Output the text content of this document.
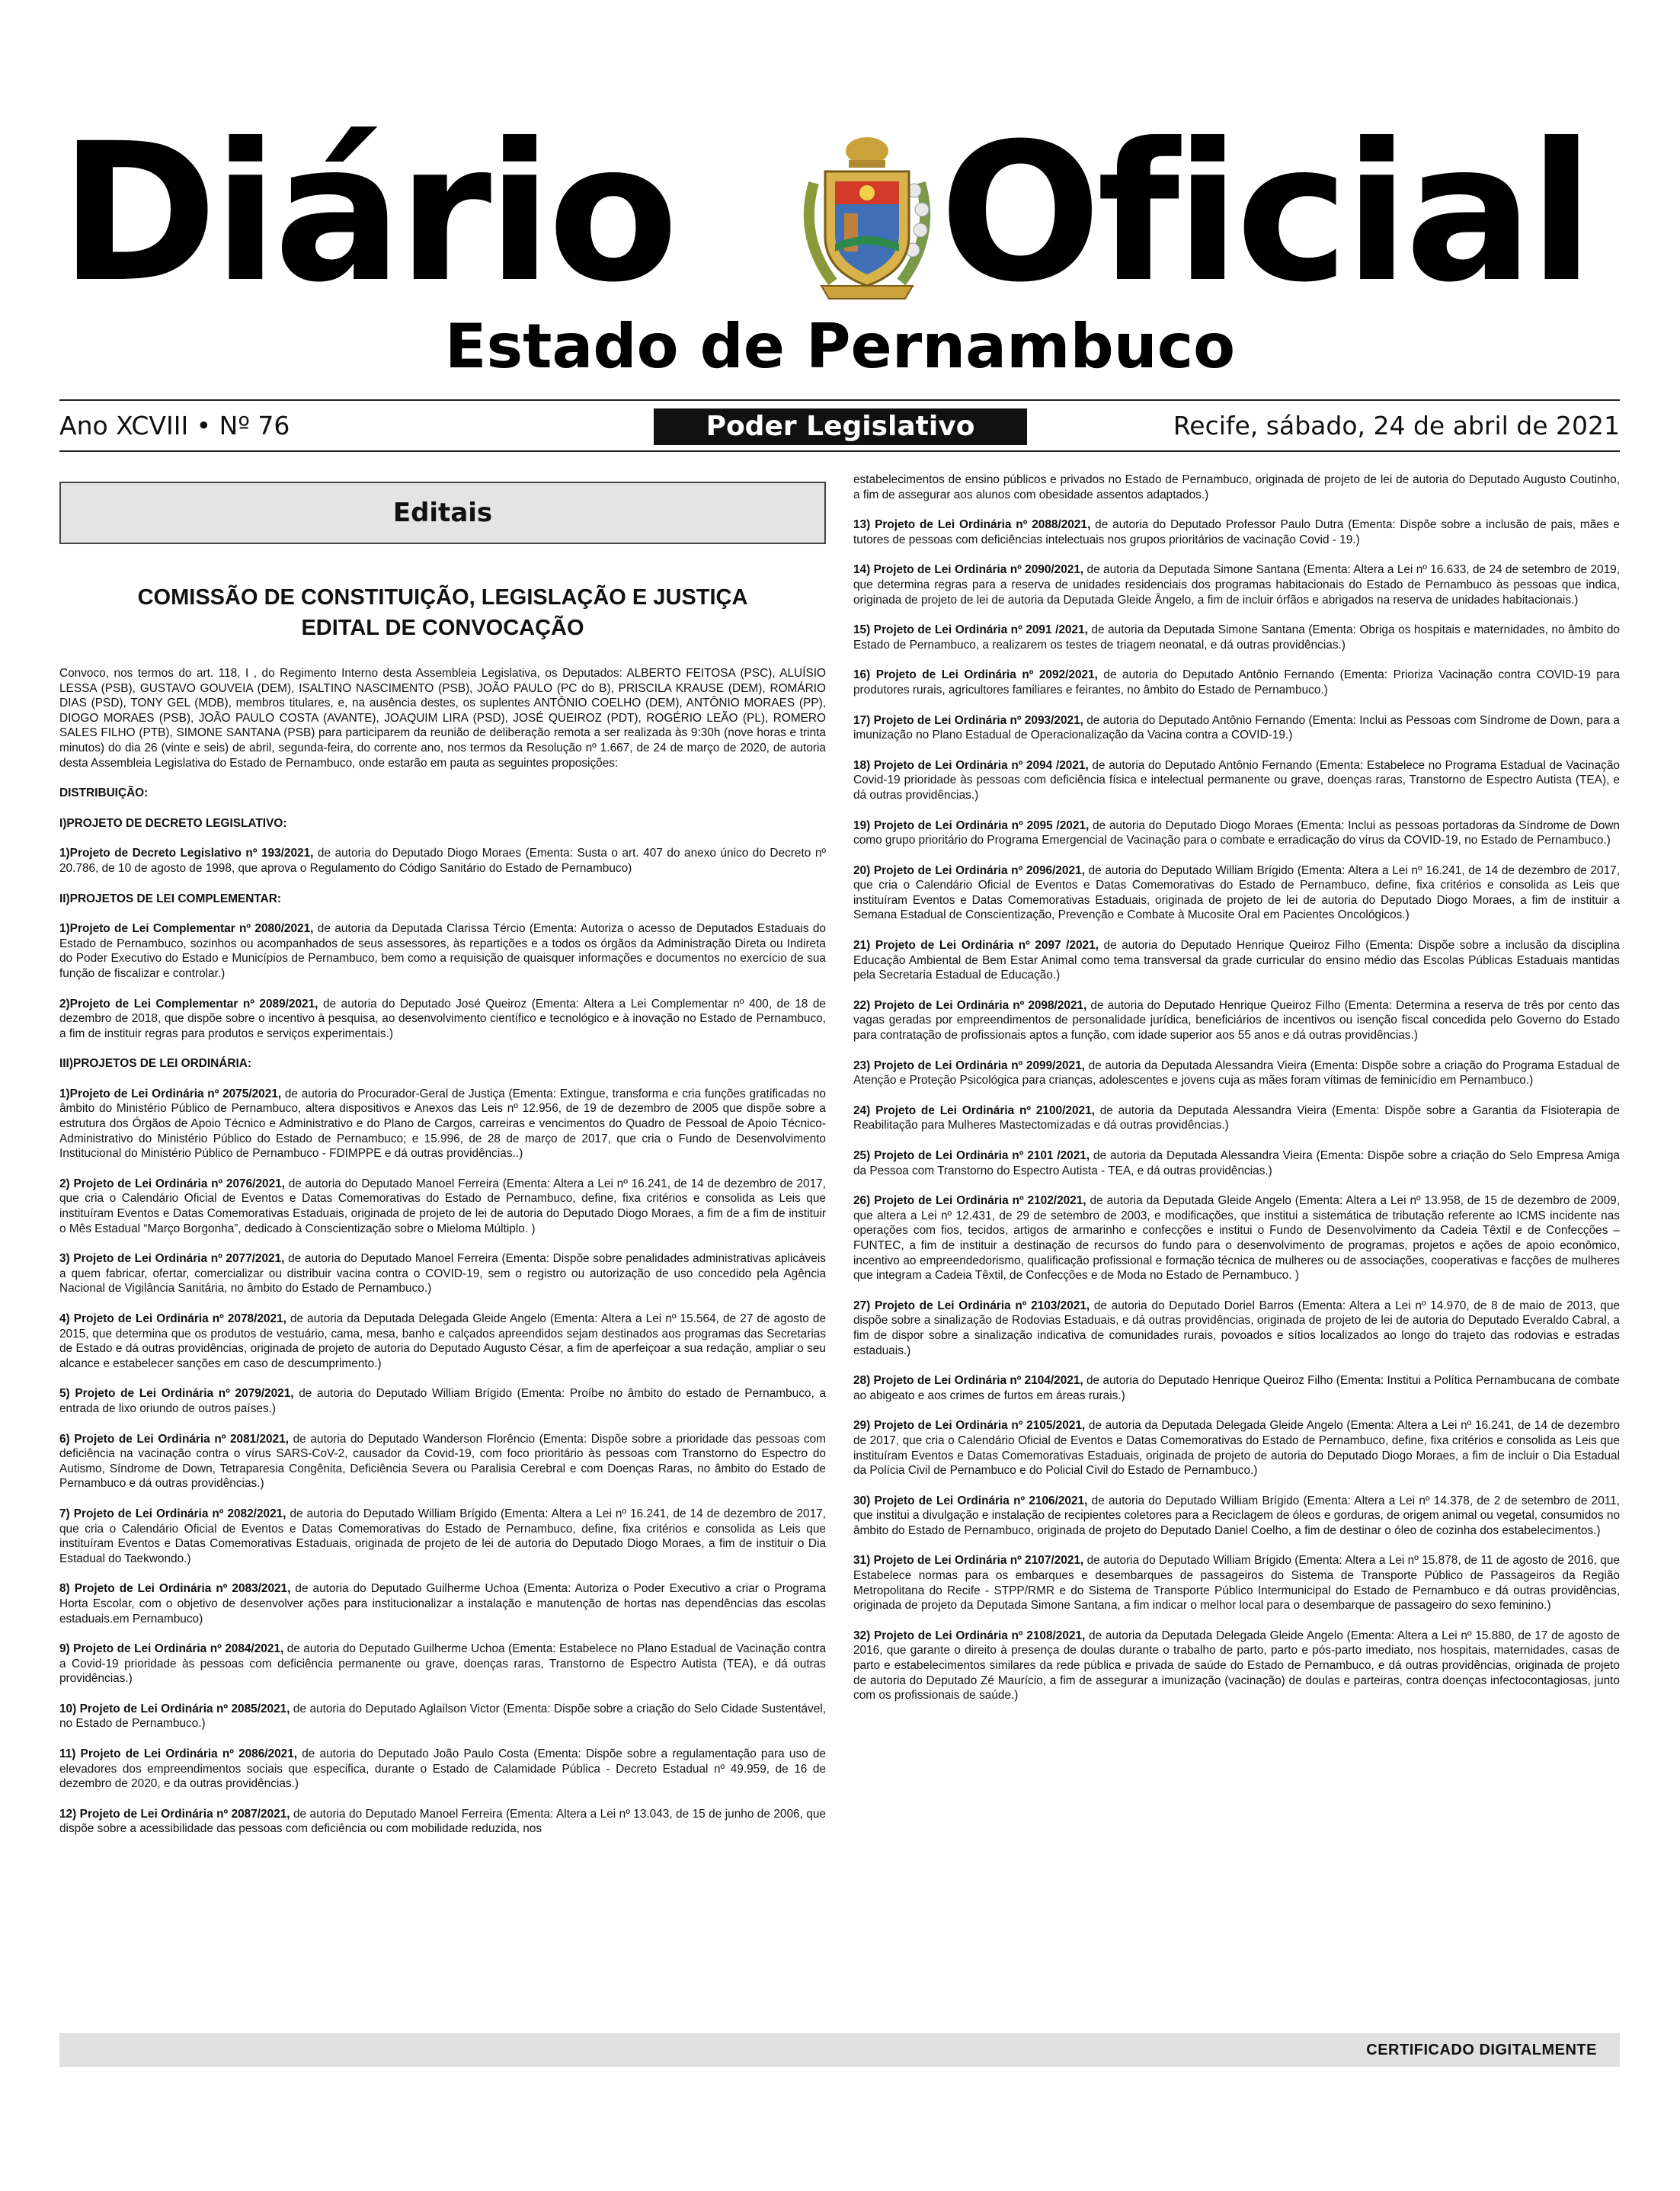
Diário Oficial
Estado de Pernambuco
Ano XCVIII • Nº 76	Poder Legislativo	Recife, sábado, 24 de abril de 2021
Editais
COMISSÃO DE CONSTITUIÇÃO, LEGISLAÇÃO E JUSTIÇA
EDITAL DE CONVOCAÇÃO

Convoco, nos termos do art. 118, I , do Regimento Interno desta Assembleia Legislativa, os Deputados: ALBERTO FEITOSA (PSC), ALUÍSIO LESSA (PSB), GUSTAVO GOUVEIA (DEM), ISALTINO NASCIMENTO (PSB), JOÃO PAULO (PC do B), PRISCILA KRAUSE (DEM), ROMÁRIO DIAS (PSD), TONY GEL (MDB), membros titulares, e, na ausência destes, os suplentes ANTÔNIO COELHO (DEM), ANTÔNIO MORAES (PP), DIOGO MORAES (PSB), JOÃO PAULO COSTA (AVANTE), JOAQUIM LIRA (PSD), JOSÉ QUEIROZ (PDT), ROGÉRIO LEÃO (PL), ROMERO SALES FILHO (PTB), SIMONE SANTANA (PSB) para participarem da reunião de deliberação remota a ser realizada às 9:30h (nove horas e trinta minutos) do dia 26 (vinte e seis) de abril, segunda-feira, do corrente ano, nos termos da Resolução nº 1.667, de 24 de março de 2020, de autoria desta Assembleia Legislativa do Estado de Pernambuco, onde estarão em pauta as seguintes proposições:

DISTRIBUIÇÃO:

I)PROJETO DE DECRETO LEGISLATIVO:

1)Projeto de Decreto Legislativo nº 193/2021, de autoria do Deputado Diogo Moraes (Ementa: Susta o art. 407 do anexo único do Decreto nº 20.786, de 10 de agosto de 1998, que aprova o Regulamento do Código Sanitário do Estado de Pernambuco)

II)PROJETOS DE LEI COMPLEMENTAR:

1)Projeto de Lei Complementar nº 2080/2021, de autoria da Deputada Clarissa Tércio (Ementa: Autoriza o acesso de Deputados Estaduais do Estado de Pernambuco, sozinhos ou acompanhados de seus assessores, às repartições e a todos os órgãos da Administração Direta ou Indireta do Poder Executivo do Estado e Municípios de Pernambuco, bem como a requisição de quaisquer informações e documentos no exercício de sua função de fiscalizar e controlar.)

2)Projeto de Lei Complementar nº 2089/2021, de autoria do Deputado José Queiroz (Ementa: Altera a Lei Complementar nº 400, de 18 de dezembro de 2018, que dispõe sobre o incentivo à pesquisa, ao desenvolvimento científico e tecnológico e à inovação no Estado de Pernambuco, a fim de instituir regras para produtos e serviços experimentais.)

III)PROJETOS DE LEI ORDINÁRIA:

1)Projeto de Lei Ordinária nº 2075/2021, de autoria do Procurador-Geral de Justiça (Ementa: Extingue, transforma e cria funções gratificadas no âmbito do Ministério Público de Pernambuco, altera dispositivos e Anexos das Leis nº 12.956, de 19 de dezembro de 2005 que dispõe sobre a estrutura dos Órgãos de Apoio Técnico e Administrativo e do Plano de Cargos, carreiras e vencimentos do Quadro de Pessoal de Apoio Técnico-Administrativo do Ministério Público do Estado de Pernambuco; e 15.996, de 28 de março de 2017, que cria o Fundo de Desenvolvimento Institucional do Ministério Público de Pernambuco - FDIMPPE e dá outras providências..)

2) Projeto de Lei Ordinária nº 2076/2021, de autoria do Deputado Manoel Ferreira (Ementa: Altera a Lei nº 16.241, de 14 de dezembro de 2017, que cria o Calendário Oficial de Eventos e Datas Comemorativas do Estado de Pernambuco, define, fixa critérios e consolida as Leis que instituíram Eventos e Datas Comemorativas Estaduais, originada de projeto de lei de autoria do Deputado Diogo Moraes, a fim de a fim de instituir o Mês Estadual “Março Borgonha”, dedicado à Conscientização sobre o Mieloma Múltiplo. )

3) Projeto de Lei Ordinária nº 2077/2021, de autoria do Deputado Manoel Ferreira (Ementa: Dispõe sobre penalidades administrativas aplicáveis a quem fabricar, ofertar, comercializar ou distribuir vacina contra o COVID-19, sem o registro ou autorização de uso concedido pela Agência Nacional de Vigilância Sanitária, no âmbito do Estado de Pernambuco.)

4) Projeto de Lei Ordinária nº 2078/2021, de autoria da Deputada Delegada Gleide Angelo (Ementa: Altera a Lei nº 15.564, de 27 de agosto de 2015, que determina que os produtos de vestuário, cama, mesa, banho e calçados apreendidos sejam destinados aos programas das Secretarias de Estado e dá outras providências, originada de projeto de autoria do Deputado Augusto César, a fim de aperfeiçoar a sua redação, ampliar o seu alcance e estabelecer sanções em caso de descumprimento.)

5) Projeto de Lei Ordinária nº 2079/2021, de autoria do Deputado William Brígido (Ementa: Proíbe no âmbito do estado de Pernambuco, a entrada de lixo oriundo de outros países.)

6) Projeto de Lei Ordinária nº 2081/2021, de autoria do Deputado Wanderson Florêncio (Ementa: Dispõe sobre a prioridade das pessoas com deficiência na vacinação contra o vírus SARS-CoV-2, causador da Covid-19, com foco prioritário às pessoas com Transtorno do Espectro do Autismo, Síndrome de Down, Tetraparesia Congênita, Deficiência Severa ou Paralisia Cerebral e com Doenças Raras, no âmbito do Estado de Pernambuco e dá outras providências.)

7) Projeto de Lei Ordinária nº 2082/2021, de autoria do Deputado William Brígido (Ementa: Altera a Lei nº 16.241, de 14 de dezembro de 2017, que cria o Calendário Oficial de Eventos e Datas Comemorativas do Estado de Pernambuco, define, fixa critérios e consolida as Leis que instituíram Eventos e Datas Comemorativas Estaduais, originada de projeto de lei de autoria do Deputado Diogo Moraes, a fim de instituir o Dia Estadual do Taekwondo.)

8) Projeto de Lei Ordinária nº 2083/2021, de autoria do Deputado Guilherme Uchoa (Ementa: Autoriza o Poder Executivo a criar o Programa Horta Escolar, com o objetivo de desenvolver ações para institucionalizar a instalação e manutenção de hortas nas dependências das escolas estaduais.em Pernambuco)

9) Projeto de Lei Ordinária nº 2084/2021, de autoria do Deputado Guilherme Uchoa (Ementa: Estabelece no Plano Estadual de Vacinação contra a Covid-19 prioridade às pessoas com deficiência permanente ou grave, doenças raras, Transtorno de Espectro Autista (TEA), e dá outras providências.)

10) Projeto de Lei Ordinária nº 2085/2021, de autoria do Deputado Aglailson Victor (Ementa: Dispõe sobre a criação do Selo Cidade Sustentável, no Estado de Pernambuco.)

11) Projeto de Lei Ordinária nº 2086/2021, de autoria do Deputado João Paulo Costa (Ementa: Dispõe sobre a regulamentação para uso de elevadores dos empreendimentos sociais que especifica, durante o Estado de Calamidade Pública - Decreto Estadual nº 49.959, de 16 de dezembro de 2020, e da outras providências.)

12) Projeto de Lei Ordinária nº 2087/2021, de autoria do Deputado Manoel Ferreira (Ementa: Altera a Lei nº 13.043, de 15 de junho de 2006, que dispõe sobre a acessibilidade das pessoas com deficiência ou com mobilidade reduzida, nos

estabelecimentos de ensino públicos e privados no Estado de Pernambuco, originada de projeto de lei de autoria do Deputado Augusto Coutinho, a fim de assegurar aos alunos com obesidade assentos adaptados.)

13) Projeto de Lei Ordinária nº 2088/2021, de autoria do Deputado Professor Paulo Dutra (Ementa: Dispõe sobre a inclusão de pais, mães e tutores de pessoas com deficiências intelectuais nos grupos prioritários de vacinação Covid - 19.)

14) Projeto de Lei Ordinária nº 2090/2021, de autoria da Deputada Simone Santana (Ementa: Altera a Lei nº 16.633, de 24 de setembro de 2019, que determina regras para a reserva de unidades residenciais dos programas habitacionais do Estado de Pernambuco às pessoas que indica, originada de projeto de lei de autoria da Deputada Gleide Ângelo, a fim de incluir órfãos e abrigados na reserva de unidades habitacionais.)

15) Projeto de Lei Ordinária nº 2091 /2021, de autoria da Deputada Simone Santana (Ementa: Obriga os hospitais e maternidades, no âmbito do Estado de Pernambuco, a realizarem os testes de triagem neonatal, e dá outras providências.)

16) Projeto de Lei Ordinária nº 2092/2021, de autoria do Deputado Antônio Fernando (Ementa: Prioriza Vacinação contra COVID-19 para produtores rurais, agricultores familiares e feirantes, no âmbito do Estado de Pernambuco.)

17) Projeto de Lei Ordinária nº 2093/2021, de autoria do Deputado Antônio Fernando (Ementa: Inclui as Pessoas com Síndrome de Down, para a imunização no Plano Estadual de Operacionalização da Vacina contra a COVID-19.)

18) Projeto de Lei Ordinária nº 2094 /2021, de autoria do Deputado Antônio Fernando (Ementa: Estabelece no Programa Estadual de Vacinação Covid-19 prioridade às pessoas com deficiência física e intelectual permanente ou grave, doenças raras, Transtorno de Espectro Autista (TEA), e dá outras providências.)

19) Projeto de Lei Ordinária nº 2095 /2021, de autoria do Deputado Diogo Moraes (Ementa: Inclui as pessoas portadoras da Síndrome de Down como grupo prioritário do Programa Emergencial de Vacinação para o combate e erradicação do vírus da COVID-19, no Estado de Pernambuco.)

20) Projeto de Lei Ordinária nº 2096/2021, de autoria do Deputado William Brígido (Ementa: Altera a Lei nº 16.241, de 14 de dezembro de 2017, que cria o Calendário Oficial de Eventos e Datas Comemorativas do Estado de Pernambuco, define, fixa critérios e consolida as Leis que instituíram Eventos e Datas Comemorativas Estaduais, originada de projeto de lei de autoria do Deputado Diogo Moraes, a fim de instituir a Semana Estadual de Conscientização, Prevenção e Combate à Mucosite Oral em Pacientes Oncológicos.)

21) Projeto de Lei Ordinária nº 2097 /2021, de autoria do Deputado Henrique Queiroz Filho (Ementa: Dispõe sobre a inclusão da disciplina Educação Ambiental de Bem Estar Animal como tema transversal da grade curricular do ensino médio das Escolas Públicas Estaduais mantidas pela Secretaria Estadual de Educação.)

22) Projeto de Lei Ordinária nº 2098/2021, de autoria do Deputado Henrique Queiroz Filho (Ementa: Determina a reserva de três por cento das vagas geradas por empreendimentos de personalidade jurídica, beneficiários de incentivos ou isenção fiscal concedida pelo Governo do Estado para contratação de profissionais aptos a função, com idade superior aos 55 anos e dá outras providências.)

23) Projeto de Lei Ordinária nº 2099/2021, de autoria da Deputada Alessandra Vieira (Ementa: Dispõe sobre a criação do Programa Estadual de Atenção e Proteção Psicológica para crianças, adolescentes e jovens cuja as mães foram vítimas de feminicídio em Pernambuco.)

24) Projeto de Lei Ordinária nº 2100/2021, de autoria da Deputada Alessandra Vieira (Ementa: Dispõe sobre a Garantia da Fisioterapia de Reabilitação para Mulheres Mastectomizadas e dá outras providências.)

25) Projeto de Lei Ordinária nº 2101 /2021, de autoria da Deputada Alessandra Vieira (Ementa: Dispõe sobre a criação do Selo Empresa Amiga da Pessoa com Transtorno do Espectro Autista - TEA, e dá outras providências.)

26) Projeto de Lei Ordinária nº 2102/2021, de autoria da Deputada Gleide Angelo (Ementa: Altera a Lei nº 13.958, de 15 de dezembro de 2009, que altera a Lei nº 12.431, de 29 de setembro de 2003, e modificações, que institui a sistemática de tributação referente ao ICMS incidente nas operações com fios, tecidos, artigos de armarinho e confecções e institui o Fundo de Desenvolvimento da Cadeia Têxtil e de Confecções – FUNTEC, a fim de instituir a destinação de recursos do fundo para o desenvolvimento de programas, projetos e ações de apoio econômico, incentivo ao empreendedorismo, qualificação profissional e formação técnica de mulheres ou de associações, cooperativas e facções de mulheres que integram a Cadeia Têxtil, de Confecções e de Moda no Estado de Pernambuco. )

27) Projeto de Lei Ordinária nº 2103/2021, de autoria do Deputado Doriel Barros (Ementa: Altera a Lei nº 14.970, de 8 de maio de 2013, que dispõe sobre a sinalização de Rodovias Estaduais, e dá outras providências, originada de projeto de lei de autoria do Deputado Everaldo Cabral, a fim de dispor sobre a sinalização indicativa de comunidades rurais, povoados e sítios localizados ao longo do trajeto das rodovias e estradas estaduais.)

28) Projeto de Lei Ordinária nº 2104/2021, de autoria do Deputado Henrique Queiroz Filho (Ementa: Institui a Política Pernambucana de combate ao abigeato e aos crimes de furtos em áreas rurais.)

29) Projeto de Lei Ordinária nº 2105/2021, de autoria da Deputada Delegada Gleide Angelo (Ementa: Altera a Lei nº 16.241, de 14 de dezembro de 2017, que cria o Calendário Oficial de Eventos e Datas Comemorativas do Estado de Pernambuco, define, fixa critérios e consolida as Leis que instituíram Eventos e Datas Comemorativas Estaduais, originada de projeto de autoria do Deputado Diogo Moraes, a fim de incluir o Dia Estadual da Polícia Civil de Pernambuco e do Policial Civil do Estado de Pernambuco.)

30) Projeto de Lei Ordinária nº 2106/2021, de autoria do Deputado William Brígido (Ementa: Altera a Lei nº 14.378, de 2 de setembro de 2011, que institui a divulgação e instalação de recipientes coletores para a Reciclagem de óleos e gorduras, de origem animal ou vegetal, consumidos no âmbito do Estado de Pernambuco, originada de projeto do Deputado Daniel Coelho, a fim de destinar o óleo de cozinha dos estabelecimentos.)

31) Projeto de Lei Ordinária nº 2107/2021, de autoria do Deputado William Brígido (Ementa: Altera a Lei nº 15.878, de 11 de agosto de 2016, que Estabelece normas para os embarques e desembarques de passageiros do Sistema de Transporte Público de Passageiros da Região Metropolitana do Recife - STPP/RMR e do Sistema de Transporte Público Intermunicipal do Estado de Pernambuco e dá outras providências, originada de projeto da Deputada Simone Santana, a fim indicar o melhor local para o desembarque de passageiro do sexo feminino.)

32) Projeto de Lei Ordinária nº 2108/2021, de autoria da Deputada Delegada Gleide Angelo (Ementa: Altera a Lei nº 15.880, de 17 de agosto de 2016, que garante o direito à presença de doulas durante o trabalho de parto, parto e pós-parto imediato, nos hospitais, maternidades, casas de parto e estabelecimentos similares da rede pública e privada de saúde do Estado de Pernambuco, e dá outras providências, originada de projeto de autoria do Deputado Zé Maurício, a fim de assegurar a imunização (vacinação) de doulas e parteiras, contra doenças infectocontagiosas, junto com os profissionais de saúde.)

CERTIFICADO DIGITALMENTE
